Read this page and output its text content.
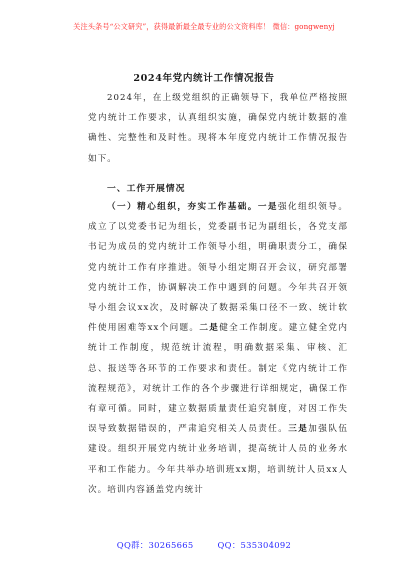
关注头条号“公文研究”，获得最新最全最专业的公文资料库！ 微信：gongwenyj
2024年党内统计工作情况报告
2024年，在上级党组织的正确领导下，我单位严格按照党内统计工作要求，认真组织实施，确保党内统计数据的准确性、完整性和及时性。现将本年度党内统计工作情况报告如下。
一、工作开展情况
（一）精心组织，夯实工作基础。一是强化组织领导。成立了以党委书记为组长，党委副书记为副组长，各党支部书记为成员的党内统计工作领导小组，明确职责分工，确保党内统计工作有序推进。领导小组定期召开会议，研究部署党内统计工作，协调解决工作中遇到的问题。今年共召开领导小组会议xx次，及时解决了数据采集口径不一致、统计软件使用困难等xx个问题。二是健全工作制度。建立健全党内统计工作制度，规范统计流程，明确数据采集、审核、汇总、报送等各环节的工作要求和责任。制定《党内统计工作流程规范》，对统计工作的各个步骤进行详细规定，确保工作有章可循。同时，建立数据质量责任追究制度，对因工作失误导致数据错误的，严肃追究相关人员责任。三是加强队伍建设。组织开展党内统计业务培训，提高统计人员的业务水平和工作能力。今年共举办培训班xx期，培训统计人员xx人次。培训内容涵盖党内统计
QQ群：30265665	QQ：535304092
